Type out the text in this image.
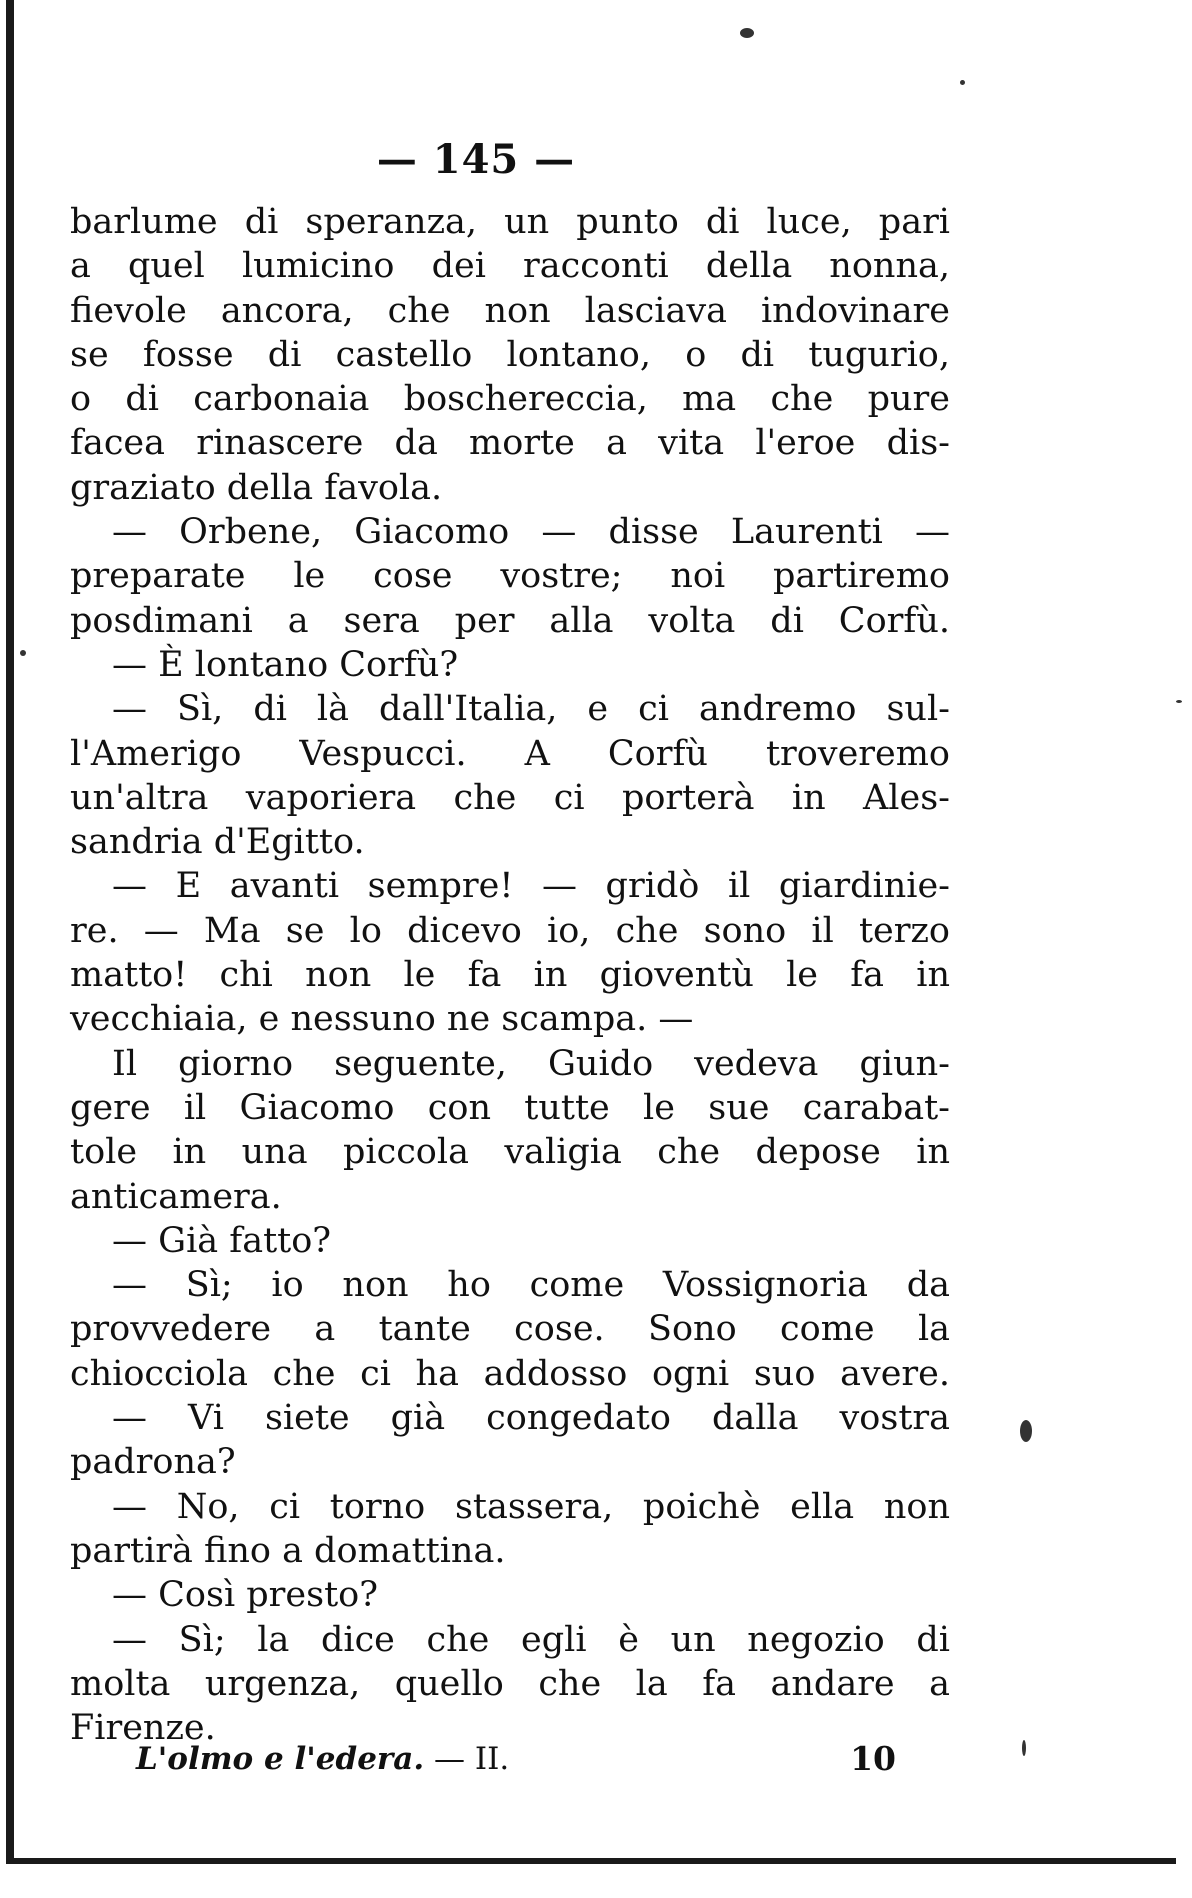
— 145 —
barlume di speranza, un punto di luce, pari
a quel lumicino dei racconti della nonna,
fievole ancora, che non lasciava indovinare
se fosse di castello lontano, o di tugurio,
o di carbonaia boschereccia, ma che pure
facea rinascere da morte a vita l'eroe dis-
graziato della favola.
— Orbene, Giacomo — disse Laurenti —
preparate le cose vostre; noi partiremo
posdimani a sera per alla volta di Corfù.
— È lontano Corfù?
— Sì, di là dall'Italia, e ci andremo sul-
l'Amerigo Vespucci. A Corfù troveremo
un'altra vaporiera che ci porterà in Ales-
sandria d'Egitto.
— E avanti sempre! — gridò il giardinie-
re. — Ma se lo dicevo io, che sono il terzo
matto! chi non le fa in gioventù le fa in
vecchiaia, e nessuno ne scampa. —
Il giorno seguente, Guido vedeva giun-
gere il Giacomo con tutte le sue carabat-
tole in una piccola valigia che depose in
anticamera.
— Già fatto?
— Sì; io non ho come Vossignoria da
provvedere a tante cose. Sono come la
chiocciola che ci ha addosso ogni suo avere.
— Vi siete già congedato dalla vostra
padrona?
— No, ci torno stassera, poichè ella non
partirà fino a domattina.
— Così presto?
— Sì; la dice che egli è un negozio di
molta urgenza, quello che la fa andare a
Firenze.
L'olmo e l'edera. — II.	10
